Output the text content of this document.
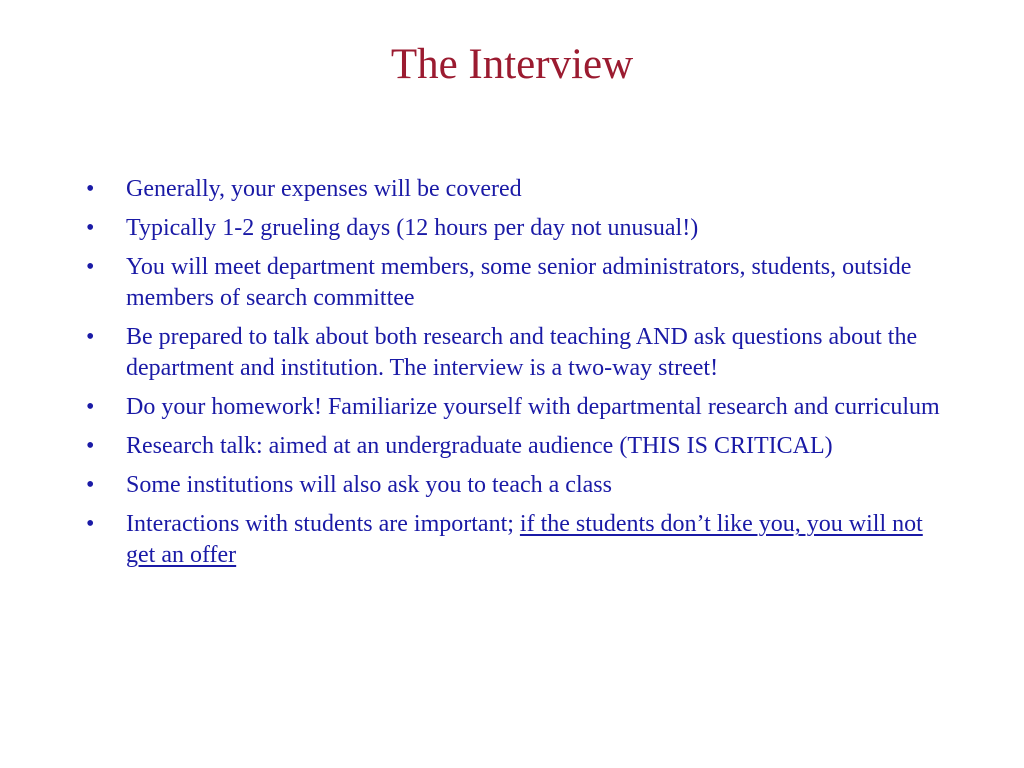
The Interview
•	Generally, your expenses will be covered
•	Typically 1-2 grueling days (12 hours per day not unusual!)
•	You will meet department members, some senior administrators, students, outside members of search committee
•	Be prepared to talk about both research and teaching AND ask questions about the department and institution. The interview is a two-way street!
•	Do your homework! Familiarize yourself with departmental research and curriculum
•	Research talk: aimed at an undergraduate audience (THIS IS CRITICAL)
•	Some institutions will also ask you to teach a class
•	Interactions with students are important; if the students don’t like you, you will not get an offer
